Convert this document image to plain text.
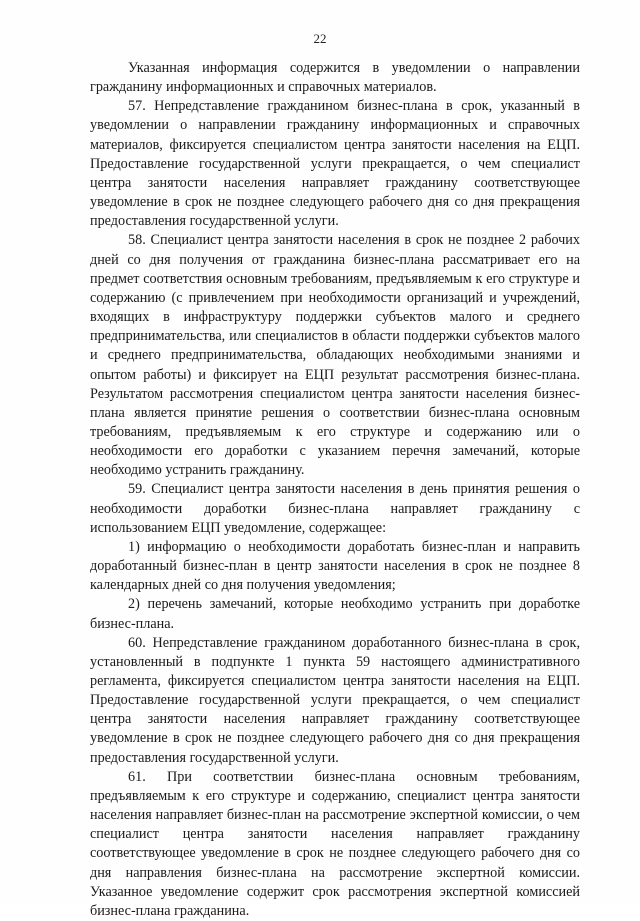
22

Указанная информация содержится в уведомлении о направлении гражданину информационных и справочных материалов.

57. Непредставление гражданином бизнес-плана в срок, указанный в уведомлении о направлении гражданину информационных и справочных материалов, фиксируется специалистом центра занятости населения на ЕЦП. Предоставление государственной услуги прекращается, о чем специалист центра занятости населения направляет гражданину соответствующее уведомление в срок не позднее следующего рабочего дня со дня прекращения предоставления государственной услуги.

58. Специалист центра занятости населения в срок не позднее 2 рабочих дней со дня получения от гражданина бизнес-плана рассматривает его на предмет соответствия основным требованиям, предъявляемым к его структуре и содержанию (с привлечением при необходимости организаций и учреждений, входящих в инфраструктуру поддержки субъектов малого и среднего предпринимательства, или специалистов в области поддержки субъектов малого и среднего предпринимательства, обладающих необходимыми знаниями и опытом работы) и фиксирует на ЕЦП результат рассмотрения бизнес-плана. Результатом рассмотрения специалистом центра занятости населения бизнес-плана является принятие решения о соответствии бизнес-плана основным требованиям, предъявляемым к его структуре и содержанию или о необходимости его доработки с указанием перечня замечаний, которые необходимо устранить гражданину.

59. Специалист центра занятости населения в день принятия решения о необходимости доработки бизнес-плана направляет гражданину с использованием ЕЦП уведомление, содержащее:

1) информацию о необходимости доработать бизнес-план и направить доработанный бизнес-план в центр занятости населения в срок не позднее 8 календарных дней со дня получения уведомления;

2) перечень замечаний, которые необходимо устранить при доработке бизнес-плана.

60. Непредставление гражданином доработанного бизнес-плана в срок, установленный в подпункте 1 пункта 59 настоящего административного регламента, фиксируется специалистом центра занятости населения на ЕЦП. Предоставление государственной услуги прекращается, о чем специалист центра занятости населения направляет гражданину соответствующее уведомление в срок не позднее следующего рабочего дня со дня прекращения предоставления государственной услуги.

61. При соответствии бизнес-плана основным требованиям, предъявляемым к его структуре и содержанию, специалист центра занятости населения направляет бизнес-план на рассмотрение экспертной комиссии, о чем специалист центра занятости населения направляет гражданину соответствующее уведомление в срок не позднее следующего рабочего дня со дня направления бизнес-плана на рассмотрение экспертной комиссии. Указанное уведомление содержит срок рассмотрения экспертной комиссией бизнес-плана гражданина.
